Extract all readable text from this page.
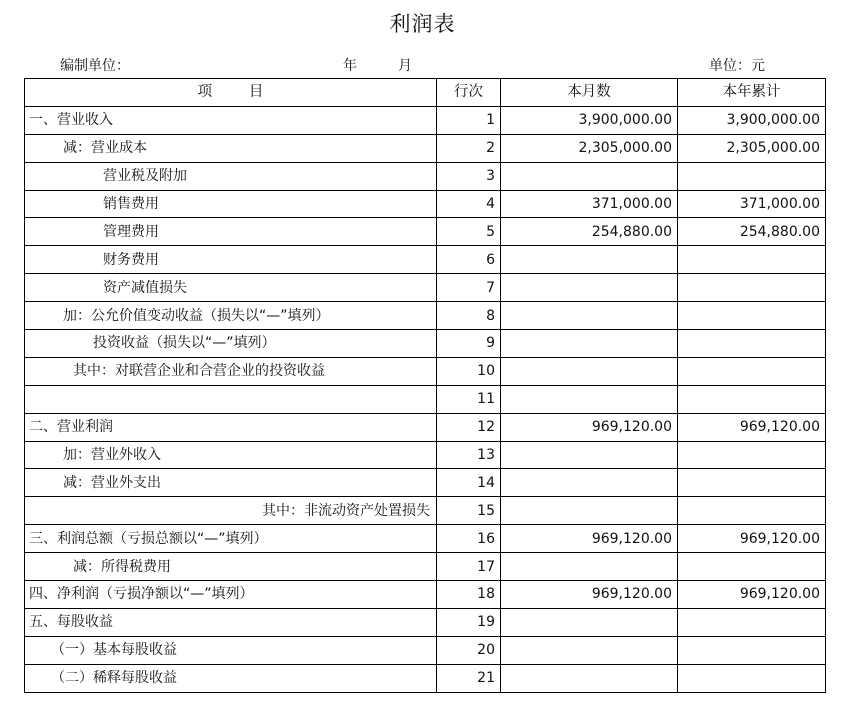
利润表
编制单位：	年	月	单位：元
项        目	行次	本月数	本年累计
一、营业收入	1	3,900,000.00	3,900,000.00
减：营业成本	2	2,305,000.00	2,305,000.00
营业税及附加	3		
销售费用	4	371,000.00	371,000.00
管理费用	5	254,880.00	254,880.00
财务费用	6		
资产减值损失	7		
加：公允价值变动收益（损失以“—”填列）	8		
投资收益（损失以“—”填列）	9		
其中：对联营企业和合营企业的投资收益	10		
	11		
二、营业利润	12	969,120.00	969,120.00
加：营业外收入	13		
减：营业外支出	14		
其中：非流动资产处置损失	15		
三、利润总额（亏损总额以“—”填列）	16	969,120.00	969,120.00
减：所得税费用	17		
四、净利润（亏损净额以“—”填列）	18	969,120.00	969,120.00
五、每股收益	19		
（一）基本每股收益	20		
（二）稀释每股收益	21		
